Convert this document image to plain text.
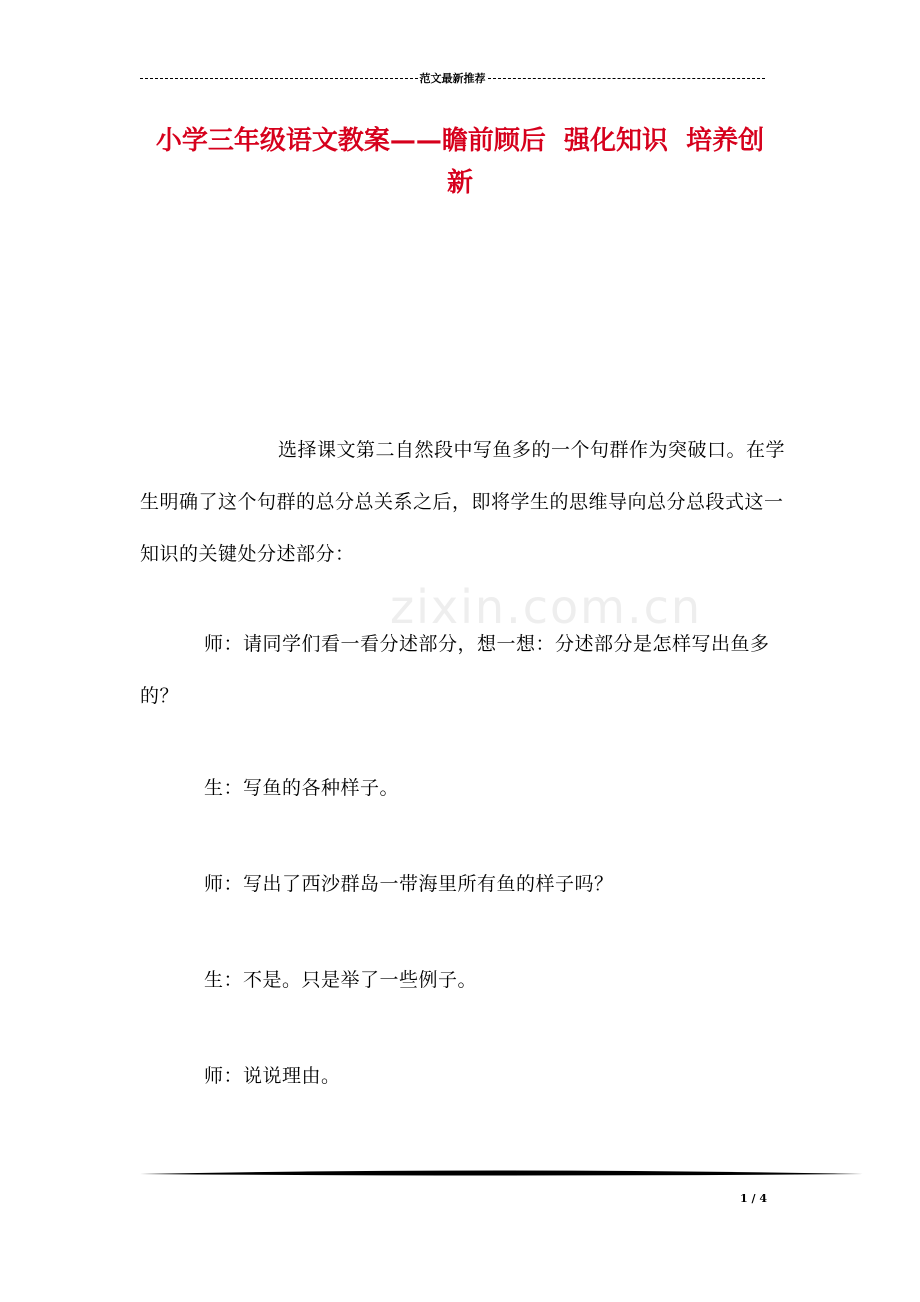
范文最新推荐
小学三年级语文教案——瞻前顾后  强化知识  培养创
新
zixin.com.cn
选择课文第二自然段中写鱼多的一个句群作为突破口。在学生明确了这个句群的总分总关系之后，即将学生的思维导向总分总段式这一知识的关键处分述部分：
师：请同学们看一看分述部分，想一想：分述部分是怎样写出鱼多的？
生：写鱼的各种样子。
师：写出了西沙群岛一带海里所有鱼的样子吗？
生：不是。只是举了一些例子。
师：说说理由。
1 / 4
